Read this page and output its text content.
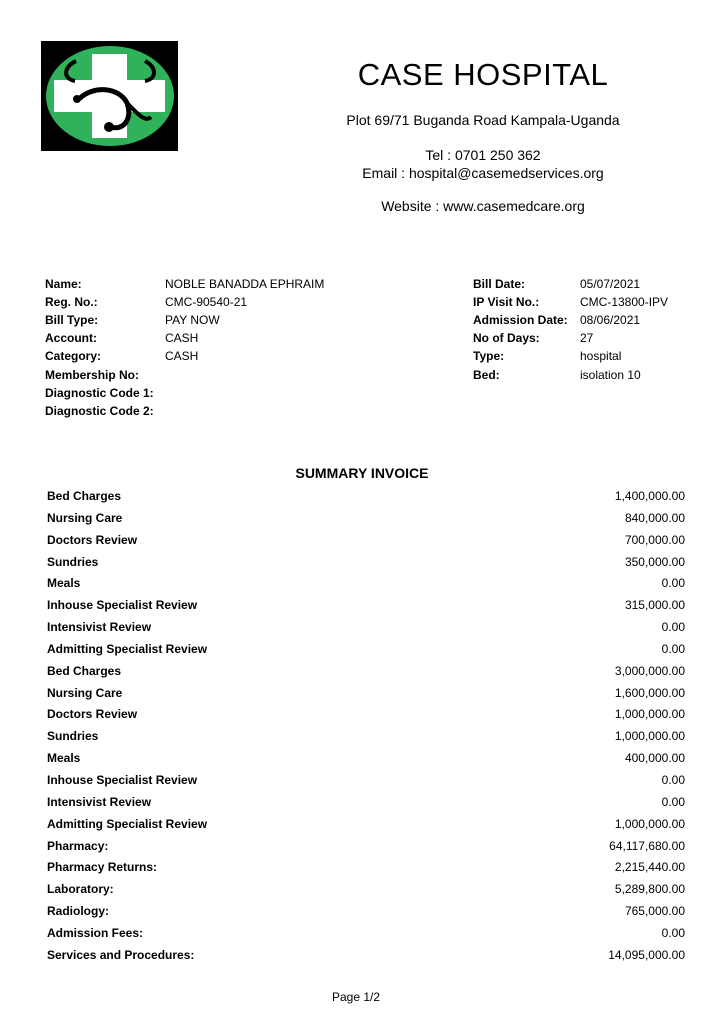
CASE HOSPITAL
Plot 69/71 Buganda Road Kampala-Uganda
Tel : 0701 250 362
Email : hospital@casemedservices.org
Website : www.casemedcare.org
Name:	NOBLE BANADDA EPHRAIM
Reg. No.:	CMC-90540-21
Bill Type:	PAY NOW
Account:	CASH
Category:	CASH
Membership No:
Diagnostic Code 1:
Diagnostic Code 2:
Bill Date:	05/07/2021
IP Visit No.:	CMC-13800-IPV
Admission Date: 08/06/2021
No of Days:	27
Type:	hospital
Bed:	isolation 10
SUMMARY INVOICE
Bed Charges	1,400,000.00
Nursing Care	840,000.00
Doctors Review	700,000.00
Sundries	350,000.00
Meals	0.00
Inhouse Specialist Review	315,000.00
Intensivist Review	0.00
Admitting Specialist Review	0.00
Bed Charges	3,000,000.00
Nursing Care	1,600,000.00
Doctors Review	1,000,000.00
Sundries	1,000,000.00
Meals	400,000.00
Inhouse Specialist Review	0.00
Intensivist Review	0.00
Admitting Specialist Review	1,000,000.00
Pharmacy:	64,117,680.00
Pharmacy Returns:	2,215,440.00
Laboratory:	5,289,800.00
Radiology:	765,000.00
Admission Fees:	0.00
Services and Procedures:	14,095,000.00
Page 1/2
